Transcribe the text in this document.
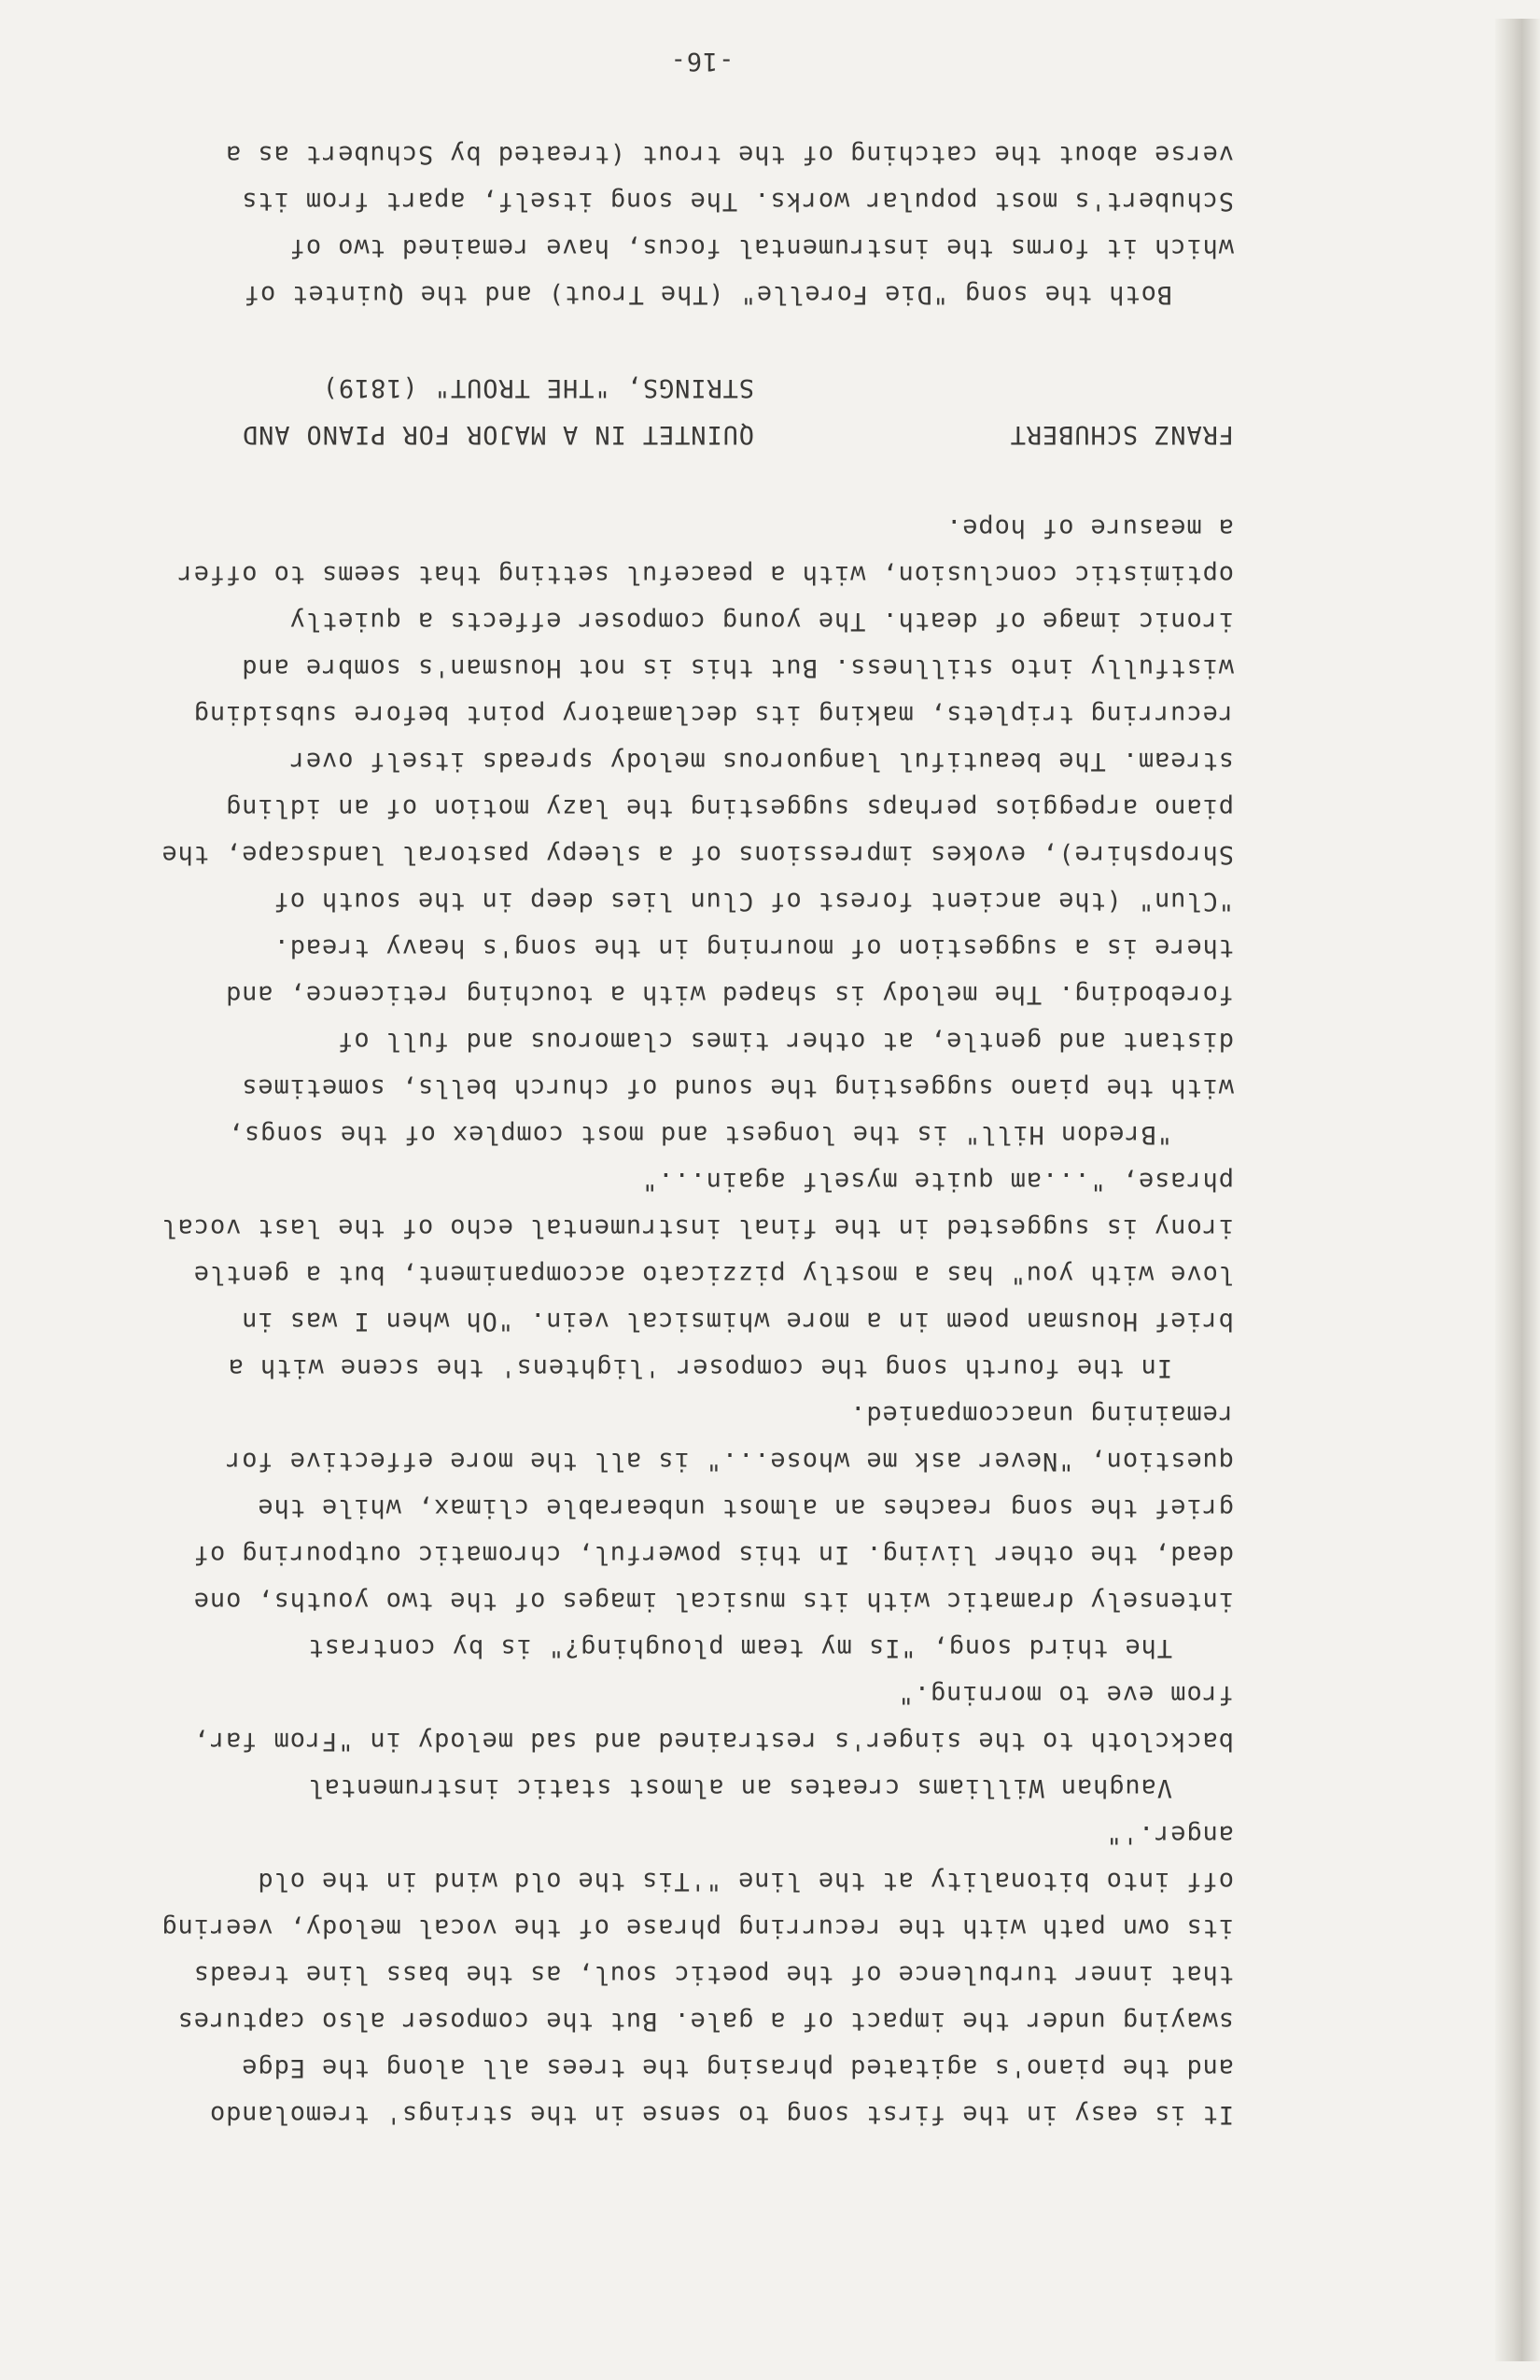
It is easy in the first song to sense in the strings' tremolando
and the piano's agitated phrasing the trees all along the Edge
swaying under the impact of a gale. But the composer also captures
that inner turbulence of the poetic soul, as the bass line treads
its own path with the recurring phrase of the vocal melody, veering
off into bitonality at the line "'Tis the old wind in the old
anger.'"
Vaughan Williams creates an almost static instrumental
backcloth to the singer's restrained and sad melody in "From far,
from eve to morning."
The third song, "Is my team ploughing?" is by contrast
intensely dramatic with its musical images of the two youths, one
dead, the other living. In this powerful, chromatic outpouring of
grief the song reaches an almost unbearable climax, while the
question, "Never ask me whose..." is all the more effective for
remaining unaccompanied.
In the fourth song the composer 'lightens' the scene with a
brief Housman poem in a more whimsical vein. "Oh when I was in
love with you" has a mostly pizzicato accompaniment, but a gentle
irony is suggested in the final instrumental echo of the last vocal
phrase, "...am quite myself again..."
"Bredon Hill" is the longest and most complex of the songs,
with the piano suggesting the sound of church bells, sometimes
distant and gentle, at other times clamorous and full of
foreboding. The melody is shaped with a touching reticence, and
there is a suggestion of mourning in the song's heavy tread.
"Clun" (the ancient forest of Clun lies deep in the south of
Shropshire), evokes impressions of a sleepy pastoral landscape, the
piano arpeggios perhaps suggesting the lazy motion of an idling
stream. The beautiful languorous melody spreads itself over
recurring triplets, making its declamatory point before subsiding
wistfully into stillness. But this is not Housman's sombre and
ironic image of death. The young composer effects a quietly
optimistic conclusion, with a peaceful setting that seems to offer
a measure of hope.
FRANZ SCHUBERT
QUINTET IN A MAJOR FOR PIANO AND
STRINGS, "THE TROUT" (1819)
Both the song "Die Forelle" (The Trout) and the Quintet of
which it forms the instrumental focus, have remained two of
Schubert's most popular works. The song itself, apart from its
verse about the catching of the trout (treated by Schubert as a
-16-
